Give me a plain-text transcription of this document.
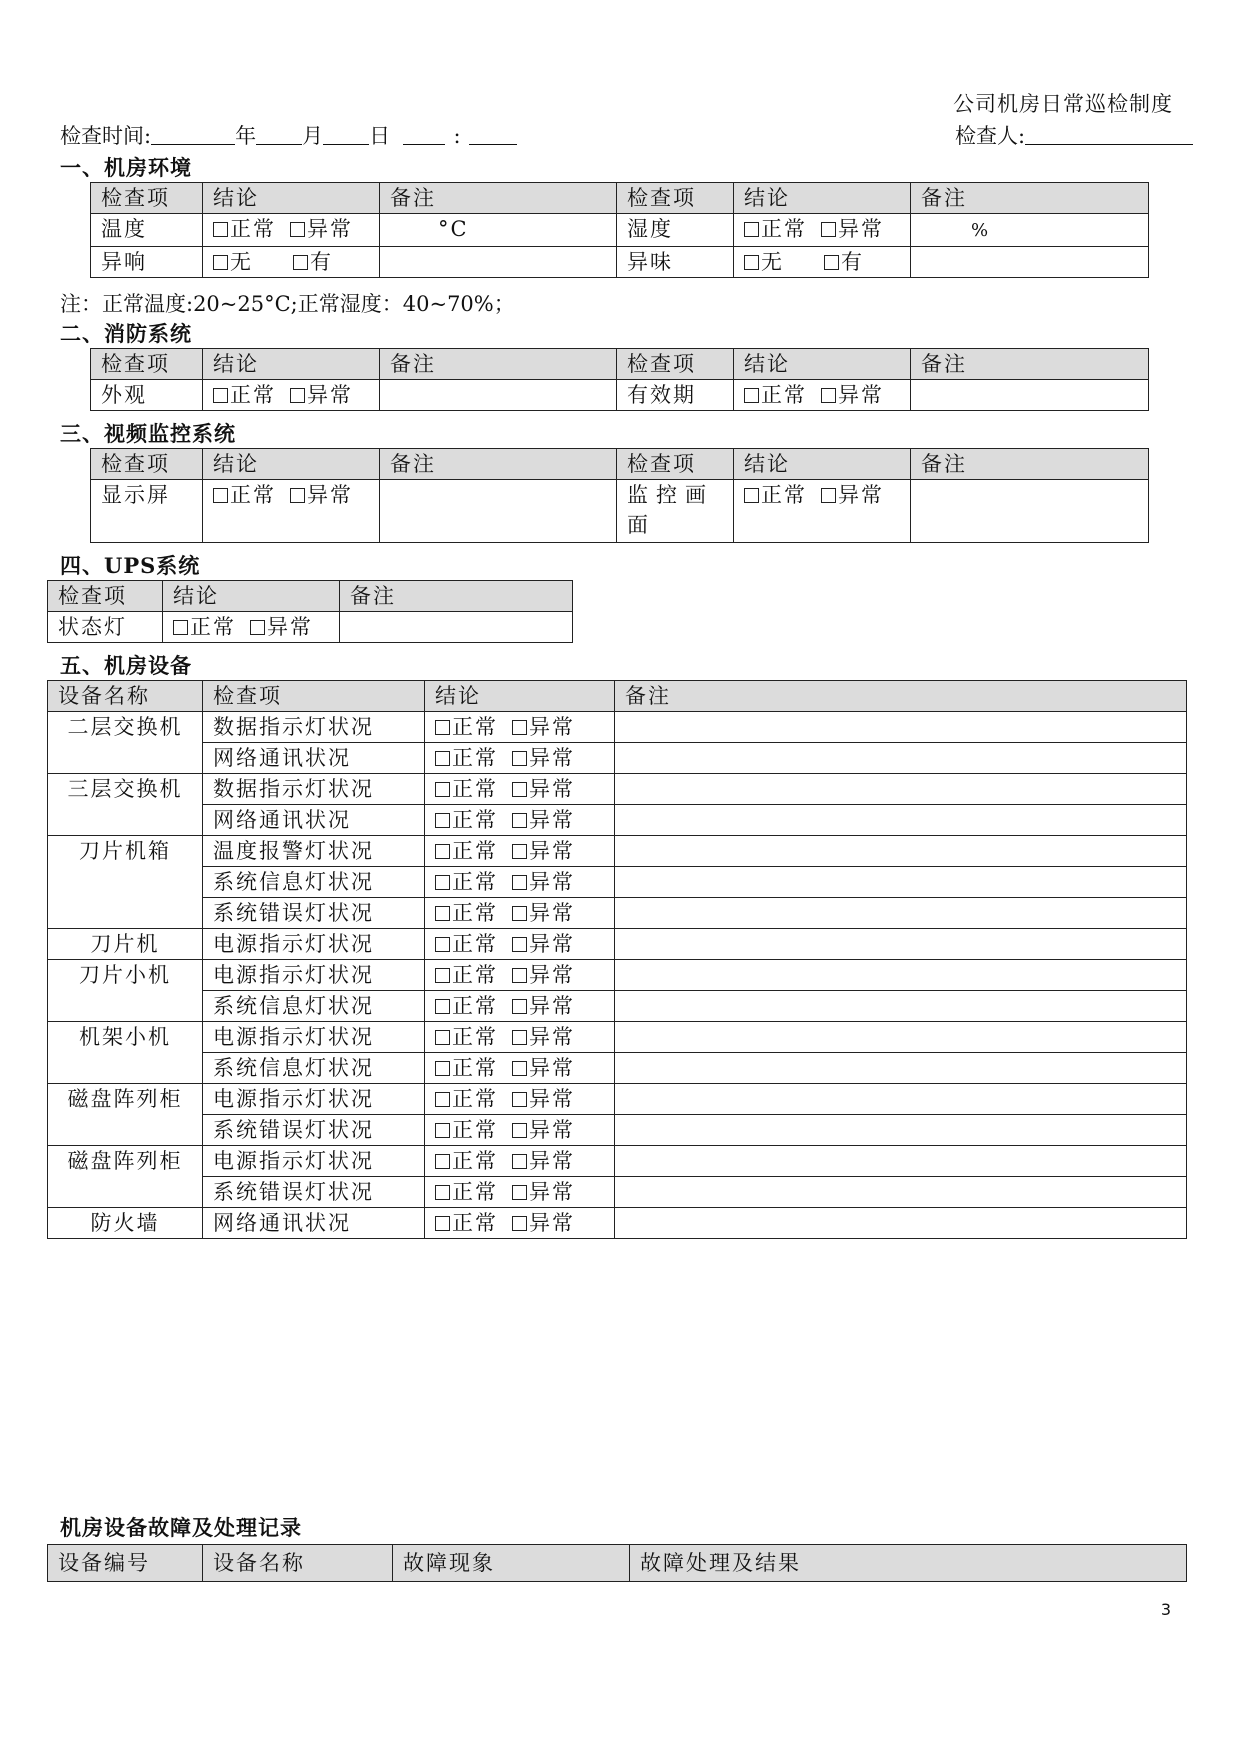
公司机房日常巡检制度
检查时间:	年 月 日	:	检查人:
一、机房环境
检查项	结论	备注	检查项	结论	备注
温度	正常 异常	°C	湿度	正常 异常	%
异响	无 有		异味	无 有	
注：正常温度:20~25°C;正常湿度：40~70%；
二、消防系统
检查项	结论	备注	检查项	结论	备注
外观	正常 异常		有效期	正常 异常	
三、视频监控系统
检查项	结论	备注	检查项	结论	备注
显示屏	正常 异常		监控画面	正常 异常	
四、UPS系统
检查项	结论	备注
状态灯	正常 异常	
五、机房设备
设备名称	检查项	结论	备注
二层交换机	数据指示灯状况	正常 异常	
	网络通讯状况	正常 异常	
三层交换机	数据指示灯状况	正常 异常	
	网络通讯状况	正常 异常	
刀片机箱	温度报警灯状况	正常 异常	
	系统信息灯状况	正常 异常	
	系统错误灯状况	正常 异常	
刀片机	电源指示灯状况	正常 异常	
刀片小机	电源指示灯状况	正常 异常	
	系统信息灯状况	正常 异常	
机架小机	电源指示灯状况	正常 异常	
	系统信息灯状况	正常 异常	
磁盘阵列柜	电源指示灯状况	正常 异常	
	系统错误灯状况	正常 异常	
磁盘阵列柜	电源指示灯状况	正常 异常	
	系统错误灯状况	正常 异常	
防火墙	网络通讯状况	正常 异常	
机房设备故障及处理记录
设备编号	设备名称	故障现象	故障处理及结果
3
